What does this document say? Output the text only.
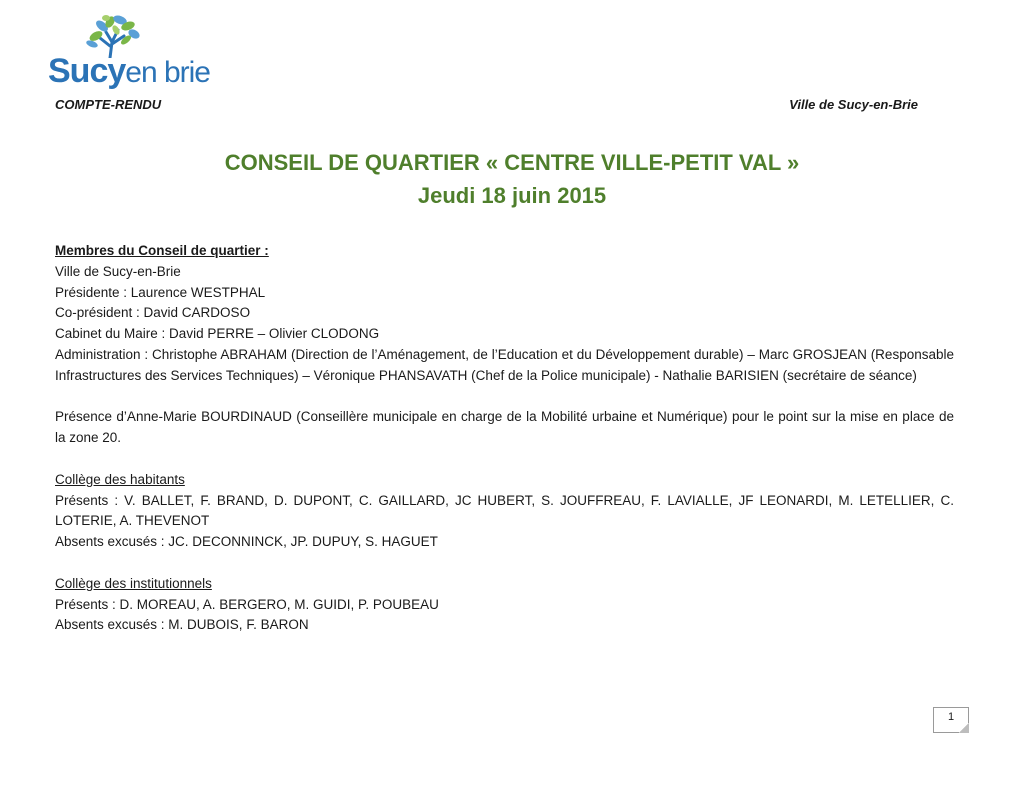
Sucyen brie
COMPTE-RENDU	Ville de Sucy-en-Brie
CONSEIL DE QUARTIER « CENTRE VILLE-PETIT VAL »
Jeudi 18 juin 2015

Membres du Conseil de quartier :

Ville de Sucy-en-Brie

Présidente : Laurence WESTPHAL

Co-président : David CARDOSO

Cabinet du Maire : David PERRE – Olivier CLODONG

Administration : Christophe ABRAHAM (Direction de l’Aménagement, de l’Education et du Développement durable) – Marc GROSJEAN (Responsable Infrastructures des Services Techniques) – Véronique PHANSAVATH (Chef de la Police municipale) - Nathalie BARISIEN (secrétaire de séance)

Présence d’Anne-Marie BOURDINAUD (Conseillère municipale en charge de la Mobilité urbaine et Numérique) pour le point sur la mise en place de la zone 20.

Collège des habitants

Présents : V. BALLET, F. BRAND, D. DUPONT, C. GAILLARD, JC HUBERT, S. JOUFFREAU, F. LAVIALLE, JF LEONARDI, M. LETELLIER, C. LOTERIE, A. THEVENOT

Absents excusés : JC. DECONNINCK, JP. DUPUY, S. HAGUET

Collège des institutionnels

Présents : D. MOREAU, A. BERGERO, M. GUIDI, P. POUBEAU

Absents excusés : M. DUBOIS, F. BARON

1
